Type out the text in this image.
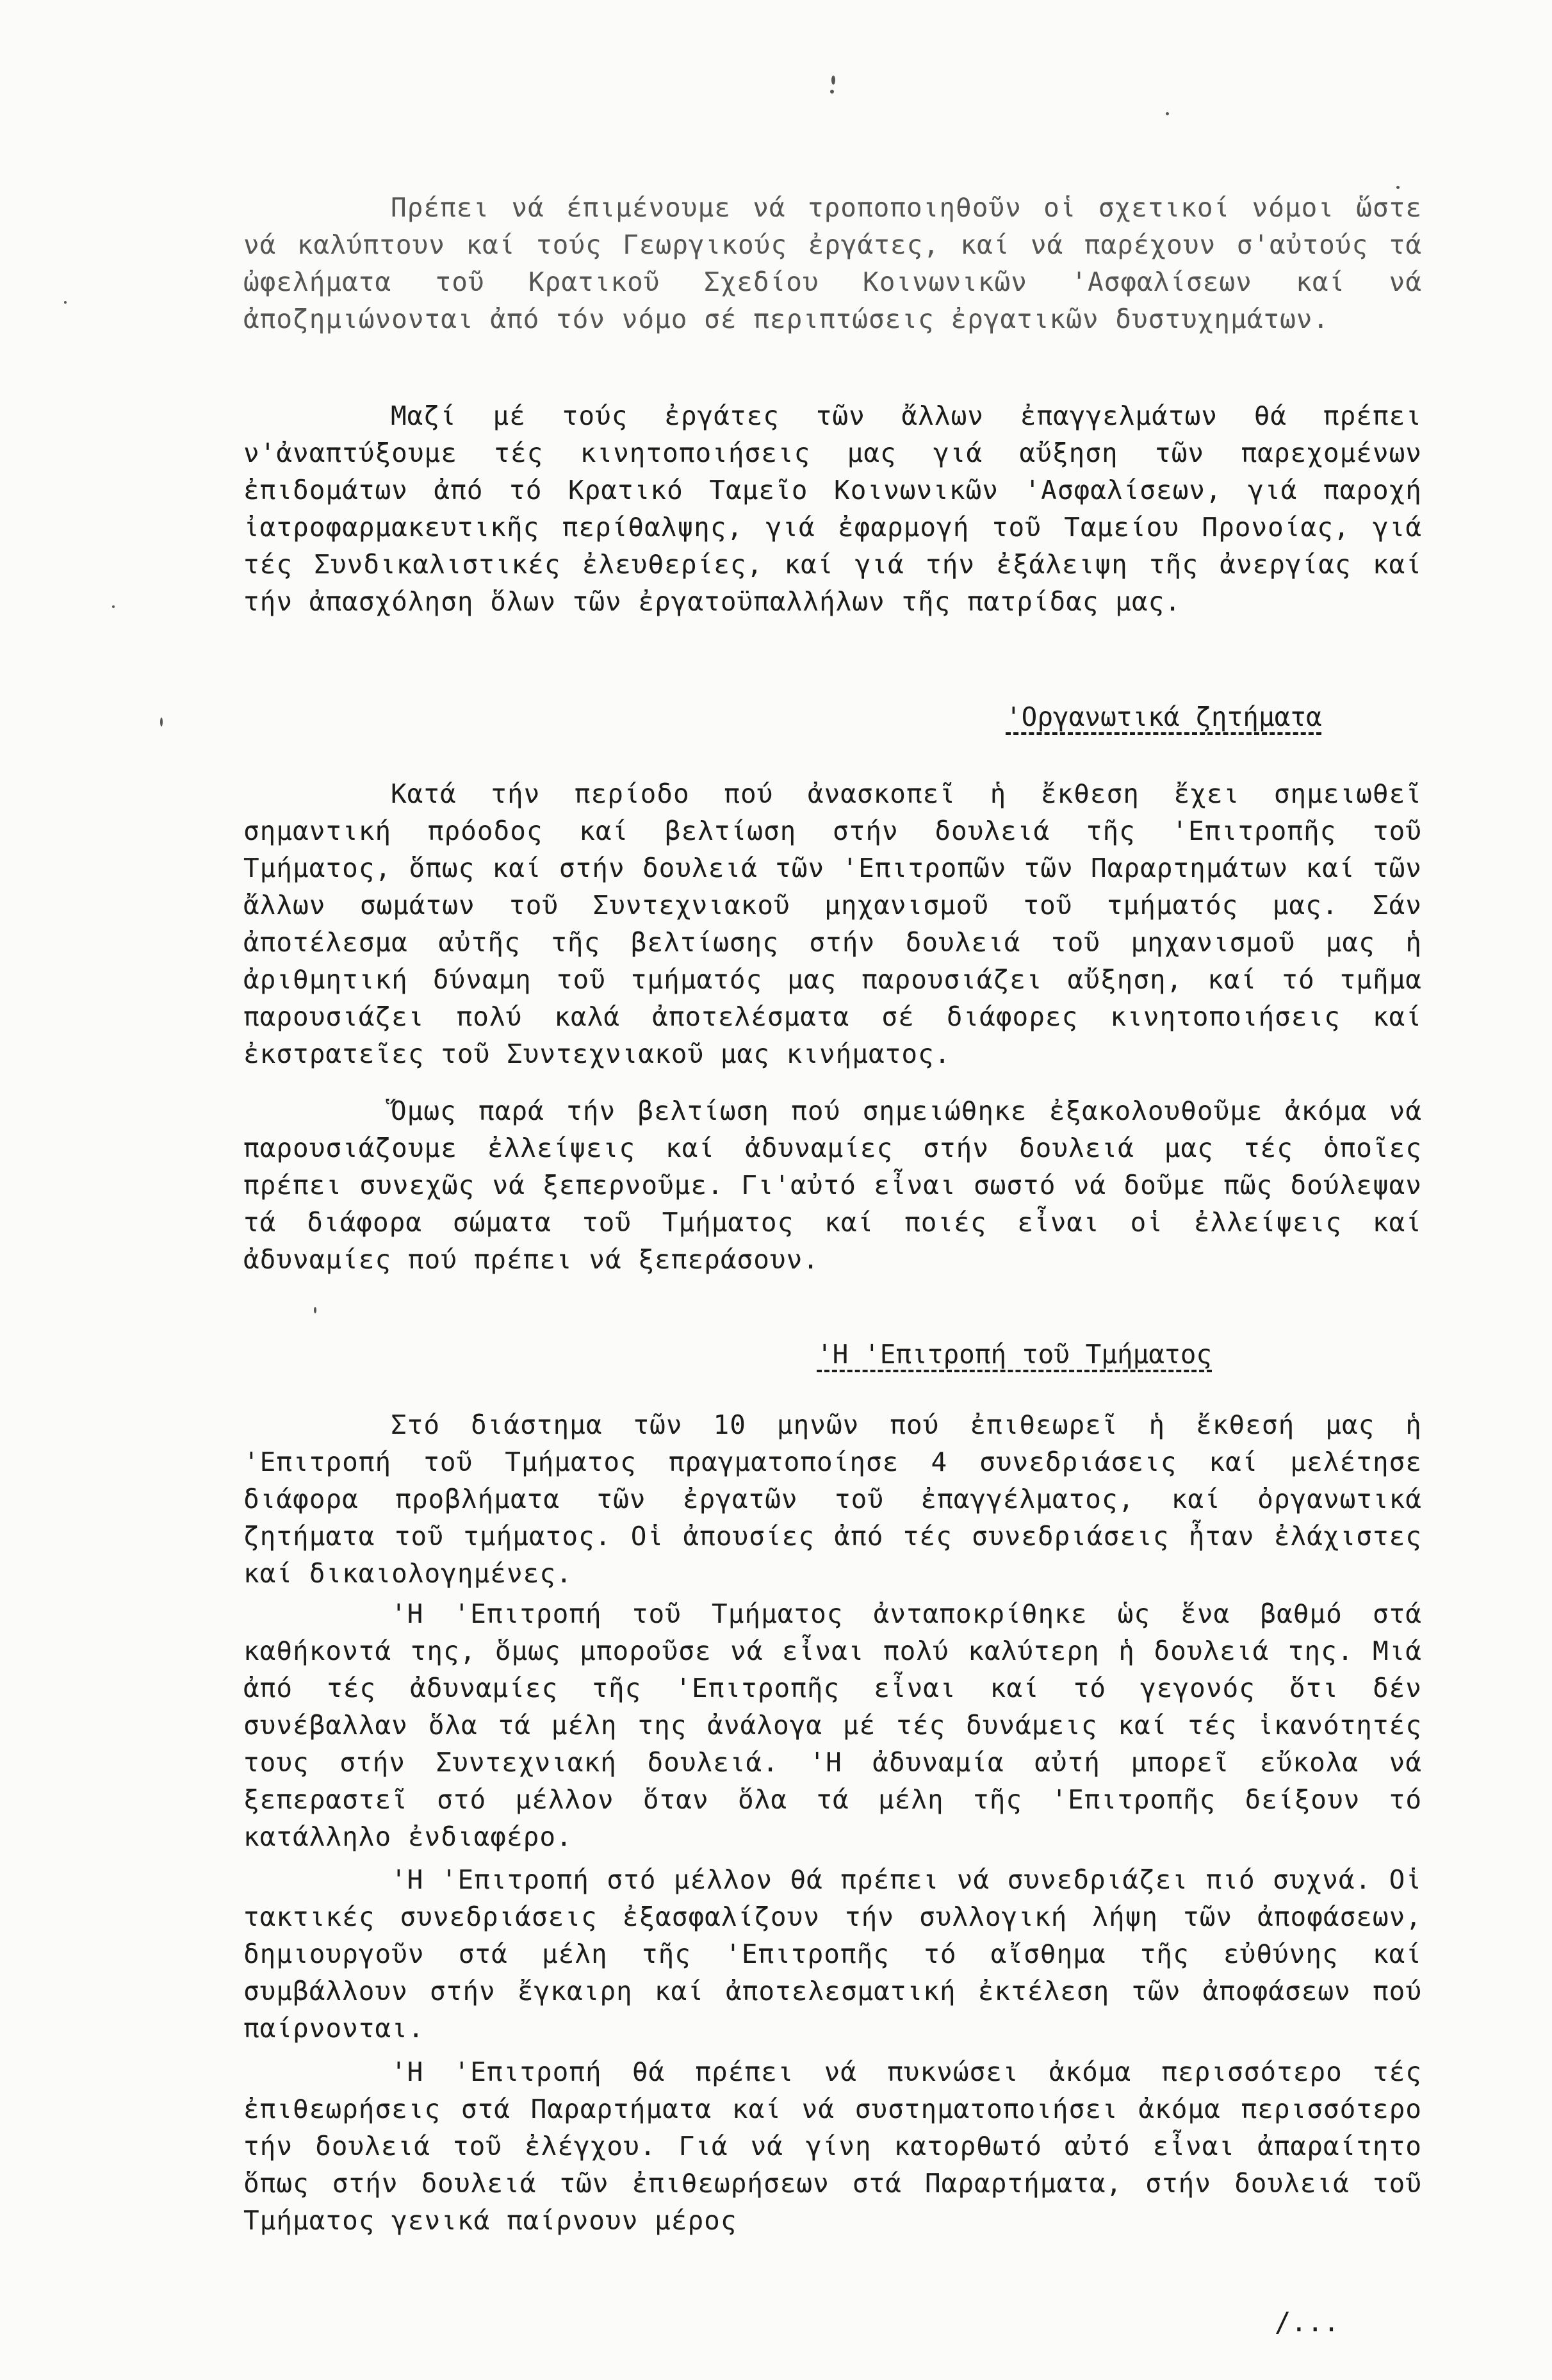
Πρέπει νά έπιμένουμε νά τροποποιηθοῦν οἱ σχετικοί νόμοι ὥστε νά καλύπτουν καί τούς Γεωργικούς ἐργάτες, καί νά παρέχουν σ'αὐτούς τά ὠφελήματα τοῦ Κρατικοῦ Σχεδίου Κοινωνικῶν 'Ασφαλίσεων καί νά ἀποζημιώνονται ἀπό τόν νόμο σέ περιπτώσεις ἐργατικῶν δυστυχημάτων.

Μαζί μέ τούς ἐργάτες τῶν ἄλλων ἐπαγγελμάτων θά πρέπει ν'ἀναπτύξουμε τές κινητοποιήσεις μας γιά αὔξηση τῶν παρεχομένων ἐπιδομάτων ἀπό τό Κρατικό Ταμεῖο Κοινωνικῶν 'Ασφαλίσεων, γιά παροχή ἰατροφαρμακευτικῆς περίθαλψης, γιά ἐφαρμογή τοῦ Ταμείου Προνοίας, γιά τές Συνδικαλιστικές ἐλευθερίες, καί γιά τήν ἐξάλειψη τῆς ἀνεργίας καί τήν ἀπασχόληση ὅλων τῶν ἐργατοϋπαλλήλων τῆς πατρίδας μας.

'Οργανωτικά ζητήματα

Κατά τήν περίοδο πού ἀνασκοπεῖ ἡ ἔκθεση ἔχει σημειωθεῖ σημαντική πρόοδος καί βελτίωση στήν δουλειά τῆς 'Επιτροπῆς τοῦ Τμήματος, ὅπως καί στήν δουλειά τῶν 'Επιτροπῶν τῶν Παραρτημάτων καί τῶν ἄλλων σωμάτων τοῦ Συντεχνιακοῦ μηχανισμοῦ τοῦ τμήματός μας. Σάν ἀποτέλεσμα αὐτῆς τῆς βελτίωσης στήν δουλειά τοῦ μηχανισμοῦ μας ἡ ἀριθμητική δύναμη τοῦ τμήματός μας παρουσιάζει αὔξηση, καί τό τμῆμα παρουσιάζει πολύ καλά ἀποτελέσματα σέ διάφορες κινητοποιήσεις καί ἐκστρατεῖες τοῦ Συντεχνιακοῦ μας κινήματος.

Ὅμως παρά τήν βελτίωση πού σημειώθηκε ἐξακολουθοῦμε ἀκόμα νά παρουσιάζουμε ἐλλείψεις καί ἀδυναμίες στήν δουλειά μας τές ὁποῖες πρέπει συνεχῶς νά ξεπερνοῦμε. Γι'αὐτό εἶναι σωστό νά δοῦμε πῶς δούλεψαν τά διάφορα σώματα τοῦ Τμήματος καί ποιές εἶναι οἱ ἐλλείψεις καί ἀδυναμίες πού πρέπει νά ξεπεράσουν.

'Η 'Επιτροπή τοῦ Τμήματος

Στό διάστημα τῶν 10 μηνῶν πού ἐπιθεωρεῖ ἡ ἔκθεσή μας ἡ 'Επιτροπή τοῦ Τμήματος πραγματοποίησε 4 συνεδριάσεις καί μελέτησε διάφορα προβλήματα τῶν ἐργατῶν τοῦ ἐπαγγέλματος, καί ὀργανωτικά ζητήματα τοῦ τμήματος. Οἱ ἀπουσίες ἀπό τές συνεδριάσεις ἦταν ἐλάχιστες καί δικαιολογημένες.

'Η 'Επιτροπή τοῦ Τμήματος ἀνταποκρίθηκε ὡς ἕνα βαθμό στά καθήκοντά της, ὅμως μποροῦσε νά εἶναι πολύ καλύτερη ἡ δουλειά της. Μιά ἀπό τές ἀδυναμίες τῆς 'Επιτροπῆς εἶναι καί τό γεγονός ὅτι δέν συνέβαλλαν ὅλα τά μέλη της ἀνάλογα μέ τές δυνάμεις καί τές ἱκανότητές τους στήν Συντεχνιακή δουλειά. 'Η ἀδυναμία αὐτή μπορεῖ εὔκολα νά ξεπεραστεῖ στό μέλλον ὅταν ὅλα τά μέλη τῆς 'Επιτροπῆς δείξουν τό κατάλληλο ἐνδιαφέρο.

'Η 'Επιτροπή στό μέλλον θά πρέπει νά συνεδριάζει πιό συχνά. Οἱ τακτικές συνεδριάσεις ἐξασφαλίζουν τήν συλλογική λήψη τῶν ἀποφάσεων, δημιουργοῦν στά μέλη τῆς 'Επιτροπῆς τό αἴσθημα τῆς εὐθύνης καί συμβάλλουν στήν ἔγκαιρη καί ἀποτελεσματική ἐκτέλεση τῶν ἀποφάσεων πού παίρνονται.

'Η 'Επιτροπή θά πρέπει νά πυκνώσει ἀκόμα περισσότερο τές ἐπιθεωρήσεις στά Παραρτήματα καί νά συστηματοποιήσει ἀκόμα περισσότερο τήν δουλειά τοῦ ἐλέγχου. Γιά νά γίνη κατορθωτό αὐτό εἶναι ἀπαραίτητο ὅπως στήν δουλειά τῶν ἐπιθεωρήσεων στά Παραρτήματα, στήν δουλειά τοῦ Τμήματος γενικά παίρνουν μέρος

/...
